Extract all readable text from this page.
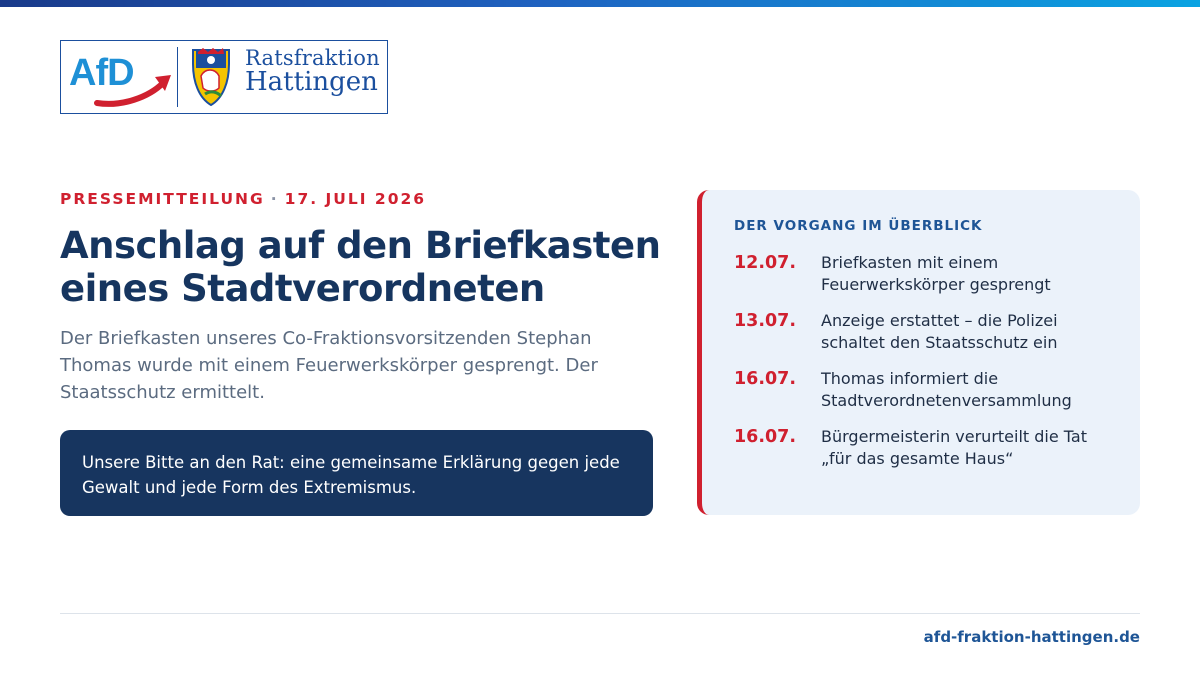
AfD	Ratsfraktion
Hattingen
PRESSEMITTEILUNG · 17. JULI 2026
Anschlag auf den Briefkasten eines Stadtverordneten

Der Briefkasten unseres Co-Fraktionsvorsitzenden Stephan Thomas wurde mit einem Feuerwerkskörper gesprengt. Der Staatsschutz ermittelt.

Unsere Bitte an den Rat: eine gemeinsame Erklärung gegen jede Gewalt und jede Form des Extremismus.
DER VORGANG IM ÜBERBLICK
12.07.	Briefkasten mit einem Feuerwerkskörper gesprengt
13.07.	Anzeige erstattet – die Polizei schaltet den Staatsschutz ein
16.07.	Thomas informiert die Stadtverordnetenversammlung
16.07.	Bürgermeisterin verurteilt die Tat „für das gesamte Haus“
afd-fraktion-hattingen.de
